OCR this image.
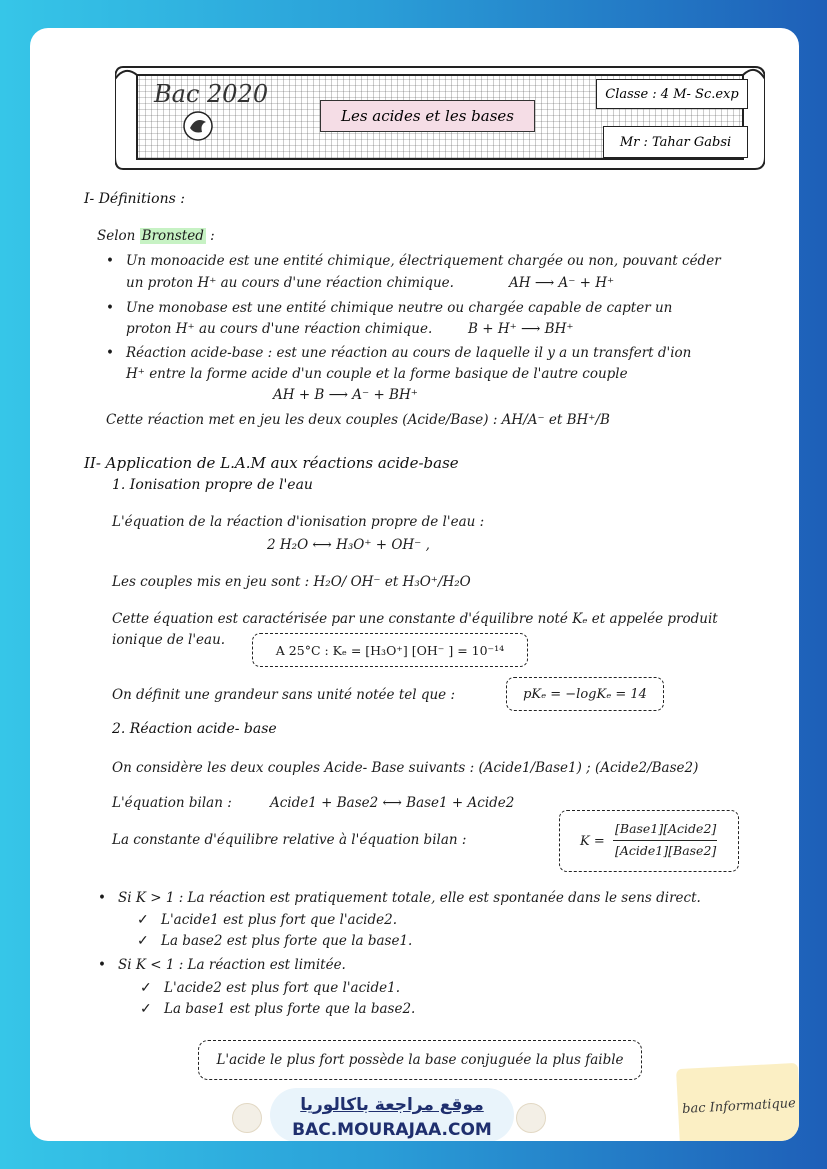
Bac 2020
Les acides et les bases
Classe : 4 M- Sc.exp
Mr : Tahar Gabsi
I- Définitions :
Selon Bronsted :
• Un monoacide est une entité chimique, électriquement chargée ou non, pouvant céder
un proton H⁺ au cours d'une réaction chimique.	AH ⟶ A⁻ + H⁺
• Une monobase est une entité chimique neutre ou chargée capable de capter un
proton H⁺ au cours d'une réaction chimique.	B + H⁺ ⟶ BH⁺
• Réaction acide-base : est une réaction au cours de laquelle il y a un transfert d'ion
H⁺ entre la forme acide d'un couple et la forme basique de l'autre couple
AH + B ⟶ A⁻ + BH⁺
Cette réaction met en jeu les deux couples (Acide/Base) : AH/A⁻ et BH⁺/B
II- Application de L.A.M aux réactions acide-base
1. Ionisation propre de l'eau
L'équation de la réaction d'ionisation propre de l'eau :
2 H₂O ⟷ H₃O⁺ + OH⁻ ,
Les couples mis en jeu sont : H₂O/ OH⁻ et H₃O⁺/H₂O
Cette équation est caractérisée par une constante d'équilibre noté Kₑ et appelée produit
ionique de l'eau.
A 25°C : Kₑ = [H₃O⁺] [OH⁻ ] = 10⁻¹⁴
On définit une grandeur sans unité notée tel que :	pKₑ = −logKₑ = 14
2. Réaction acide- base
On considère les deux couples Acide- Base suivants : (Acide1/Base1) ; (Acide2/Base2)
L'équation bilan :	Acide1 + Base2 ⟷ Base1 + Acide2
La constante d'équilibre relative à l'équation bilan :	K =
[Base1][Acide2]
[Acide1][Base2]
• Si K > 1 : La réaction est pratiquement totale, elle est spontanée dans le sens direct.
✓ L'acide1 est plus fort que l'acide2.
✓ La base2 est plus forte que la base1.
• Si K < 1 : La réaction est limitée.
✓ L'acide2 est plus fort que l'acide1.
✓ La base1 est plus forte que la base2.
L'acide le plus fort possède la base conjuguée la plus faible
موقع مراجعة باكالوريا
BAC.MOURAJAA.COM
bac Informatique
